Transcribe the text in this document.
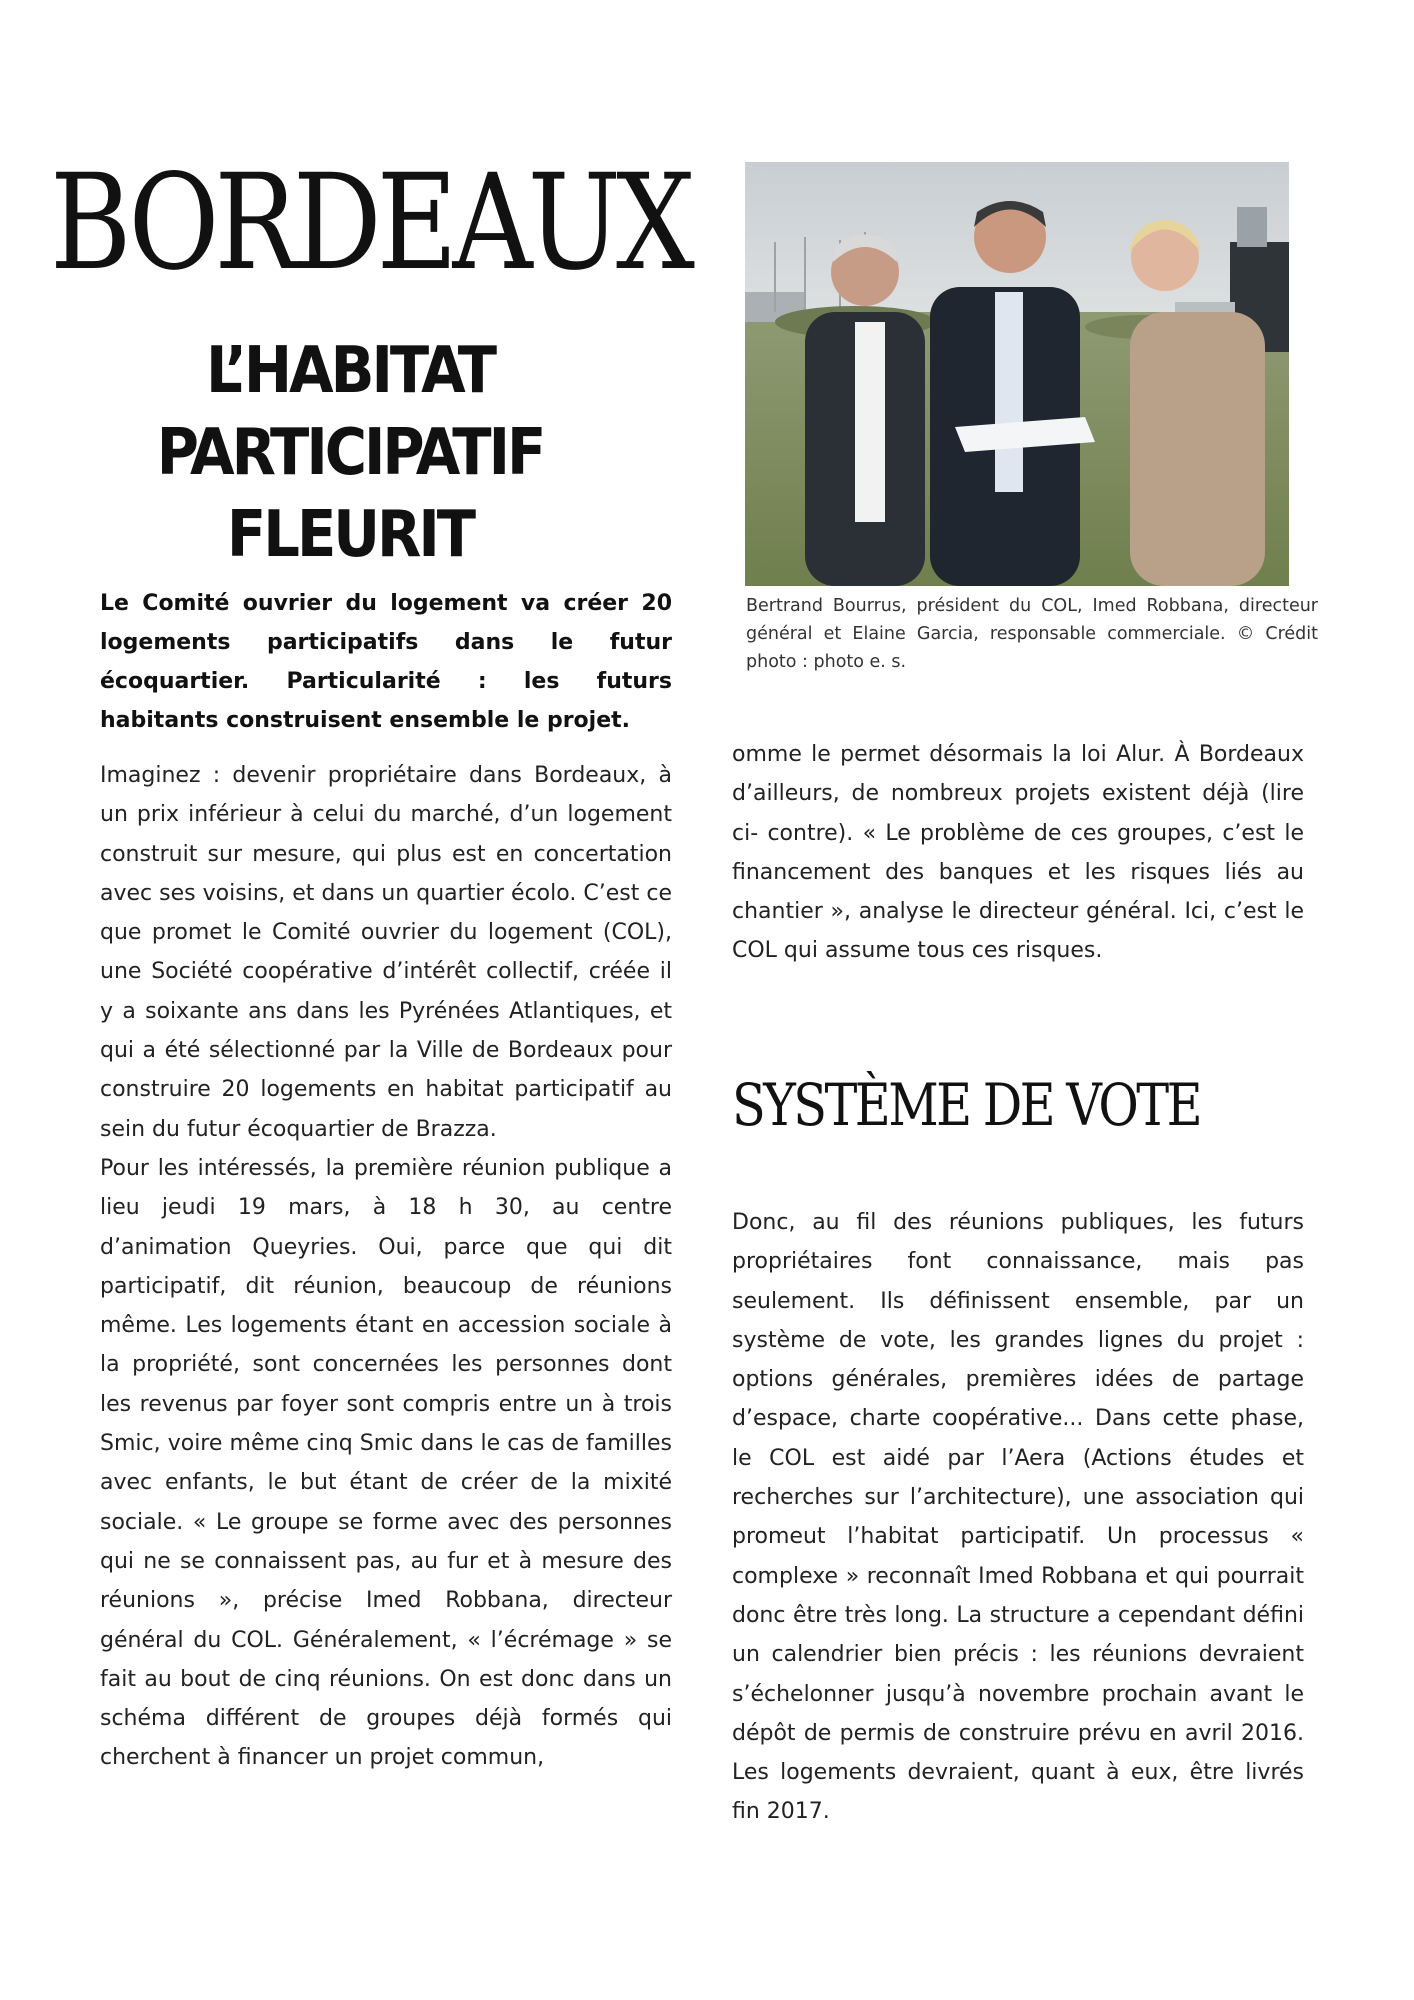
BORDEAUX
L’HABITAT
PARTICIPATIF
FLEURIT

Bertrand Bourrus, président du COL, Imed Robbana, directeur général et Elaine Garcia, responsable commerciale. © Crédit photo : photo e. s.

Le Comité ouvrier du logement va créer 20 logements participatifs dans le futur écoquartier. Particularité : les futurs habitants construisent ensemble le projet.

Imaginez : devenir propriétaire dans Bordeaux, à un prix inférieur à celui du marché, d’un logement construit sur mesure, qui plus est en concertation avec ses voisins, et dans un quartier écolo. C’est ce que promet le Comité ouvrier du logement (COL), une Société coopérative d’intérêt collectif, créée il y a soixante ans dans les Pyrénées Atlantiques, et qui a été sélectionné par la Ville de Bordeaux pour construire 20 logements en habitat participatif au sein du futur écoquartier de Brazza.

Pour les intéressés, la première réunion publique a lieu jeudi 19 mars, à 18 h 30, au centre d’animation Queyries. Oui, parce que qui dit participatif, dit réunion, beaucoup de réunions même. Les logements étant en accession sociale à la propriété, sont concernées les personnes dont les revenus par foyer sont compris entre un à trois Smic, voire même cinq Smic dans le cas de familles avec enfants, le but étant de créer de la mixité sociale. « Le groupe se forme avec des personnes qui ne se connaissent pas, au fur et à mesure des réunions », précise Imed Robbana, directeur général du COL. Généralement, « l’écrémage » se fait au bout de cinq réunions. On est donc dans un schéma différent de groupes déjà formés qui cherchent à financer un projet commun,

omme le permet désormais la loi Alur. À Bordeaux d’ailleurs, de nombreux projets existent déjà (lire ci- contre). « Le problème de ces groupes, c’est le financement des banques et les risques liés au chantier », analyse le directeur général. Ici, c’est le COL qui assume tous ces risques.

SYSTÈME DE VOTE

Donc, au fil des réunions publiques, les futurs propriétaires font connaissance, mais pas seulement. Ils définissent ensemble, par un système de vote, les grandes lignes du projet : options générales, premières idées de partage d’espace, charte coopérative... Dans cette phase, le COL est aidé par l’Aera (Actions études et recherches sur l’architecture), une association qui promeut l’habitat participatif. Un processus « complexe » reconnaît Imed Robbana et qui pourrait donc être très long. La structure a cependant défini un calendrier bien précis : les réunions devraient s’échelonner jusqu’à novembre prochain avant le dépôt de permis de construire prévu en avril 2016. Les logements devraient, quant à eux, être livrés fin 2017.
